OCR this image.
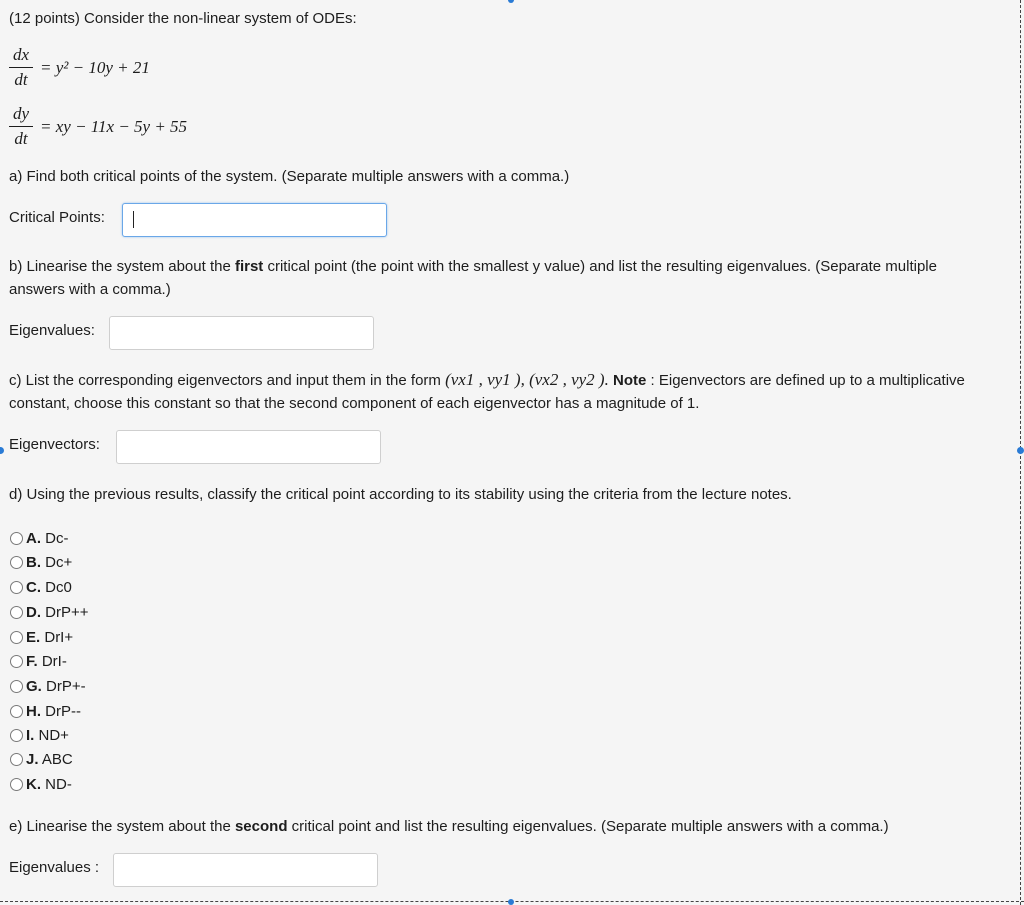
(12 points) Consider the non-linear system of ODEs:
dx
dt
= y² − 10y + 21
dy
dt
= xy − 11x − 5y + 55
a) Find both critical points of the system. (Separate multiple answers with a comma.)
Critical Points:
b) Linearise the system about the first critical point (the point with the smallest y value) and list the resulting eigenvalues. (Separate multiple answers with a comma.)
Eigenvalues:
c) List the corresponding eigenvectors and input them in the form (vx1 , vy1 ), (vx2 , vy2 ). Note : Eigenvectors are defined up to a multiplicative constant, choose this constant so that the second component of each eigenvector has a magnitude of 1.
Eigenvectors:
d) Using the previous results, classify the critical point according to its stability using the criteria from the lecture notes.
A. Dc-
B. Dc+
C. Dc0
D. DrP++
E. DrI+
F. DrI-
G. DrP+-
H. DrP--
I. ND+
J. ABC
K. ND-
e) Linearise the system about the second critical point and list the resulting eigenvalues. (Separate multiple answers with a comma.)
Eigenvalues :
